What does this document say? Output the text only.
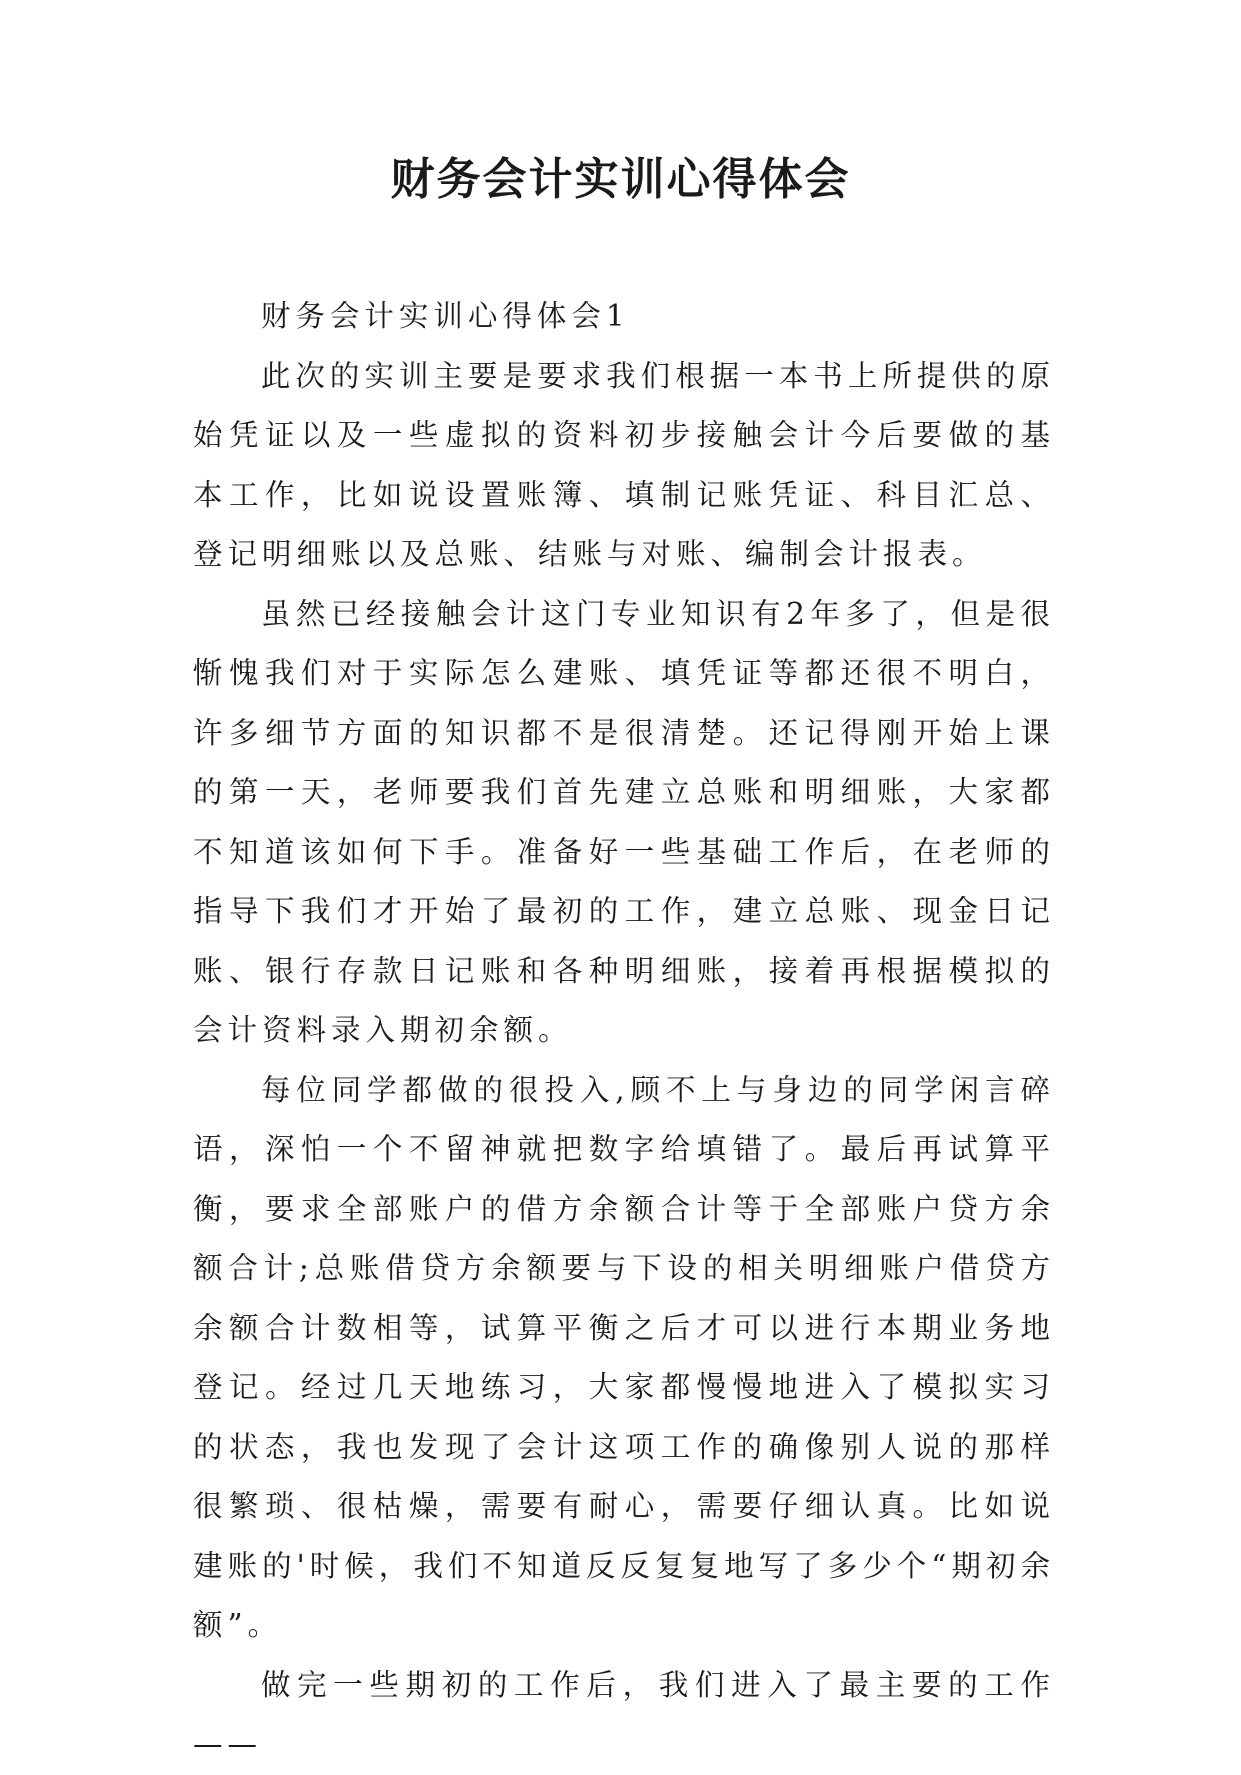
财务会计实训心得体会

财务会计实训心得体会1

此次的实训主要是要求我们根据一本书上所提供的原始凭证以及一些虚拟的资料初步接触会计今后要做的基本工作，比如说设置账簿、填制记账凭证、科目汇总、登记明细账以及总账、结账与对账、编制会计报表。

虽然已经接触会计这门专业知识有2年多了，但是很惭愧我们对于实际怎么建账、填凭证等都还很不明白，许多细节方面的知识都不是很清楚。还记得刚开始上课的第一天，老师要我们首先建立总账和明细账，大家都不知道该如何下手。准备好一些基础工作后，在老师的指导下我们才开始了最初的工作，建立总账、现金日记账、银行存款日记账和各种明细账，接着再根据模拟的会计资料录入期初余额。

每位同学都做的很投入,顾不上与身边的同学闲言碎语，深怕一个不留神就把数字给填错了。最后再试算平衡，要求全部账户的借方余额合计等于全部账户贷方余额合计;总账借贷方余额要与下设的相关明细账户借贷方余额合计数相等，试算平衡之后才可以进行本期业务地登记。经过几天地练习，大家都慢慢地进入了模拟实习的状态，我也发现了会计这项工作的确像别人说的那样很繁琐、很枯燥，需要有耐心，需要仔细认真。比如说建账的'时候，我们不知道反反复复地写了多少个“期初余额”。

做完一些期初的工作后，我们进入了最主要的工作——
